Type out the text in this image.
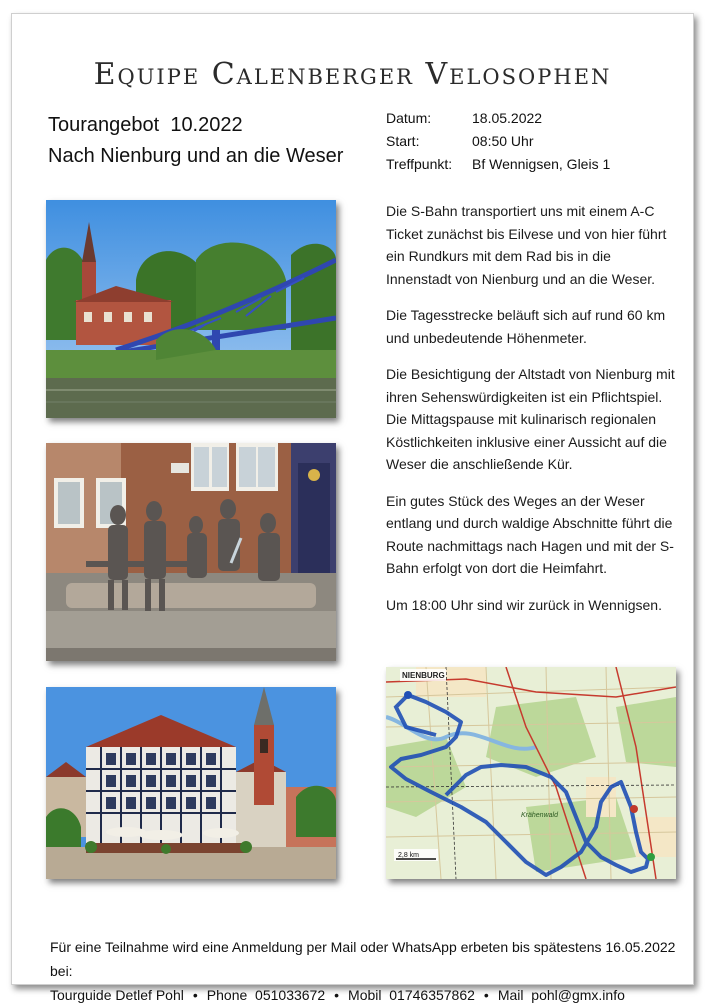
Equipe Calenberger Velosophen
Tourangebot  10.2022
Nach Nienburg und an die Weser
Datum:	18.05.2022
Start:	08:50 Uhr
Treffpunkt:	Bf Wennigsen, Gleis 1

Die S-Bahn transportiert uns mit einem A-C Ticket zunächst bis Eilvese und von hier führt ein Rundkurs mit dem Rad bis in die Innenstadt von Nienburg und an die Weser.

Die Tagesstrecke beläuft sich auf rund 60 km und unbedeutende Höhenmeter.

Die Besichtigung der Altstadt von Nienburg mit ihren Sehenswürdigkeiten ist ein Pflichtspiel. Die Mittagspause mit kulinarisch regionalen Köstlichkeiten inklusive einer Aussicht auf die Weser die anschließende Kür.

Ein gutes Stück des Weges an der Weser entlang und durch waldige Abschnitte führt die Route nachmittags nach Hagen und mit der S-Bahn erfolgt von dort die Heimfahrt.

Um 18:00 Uhr sind wir zurück in Wennigsen.

NIENBURG
2,8 km
Krähenwald
Für eine Teilnahme wird eine Anmeldung per Mail oder WhatsApp erbeten bis spätestens 16.05.2022 bei:
Tourguide Detlef Pohl • Phone  051033672 • Mobil  01746357862 • Mail  pohl@gmx.info
